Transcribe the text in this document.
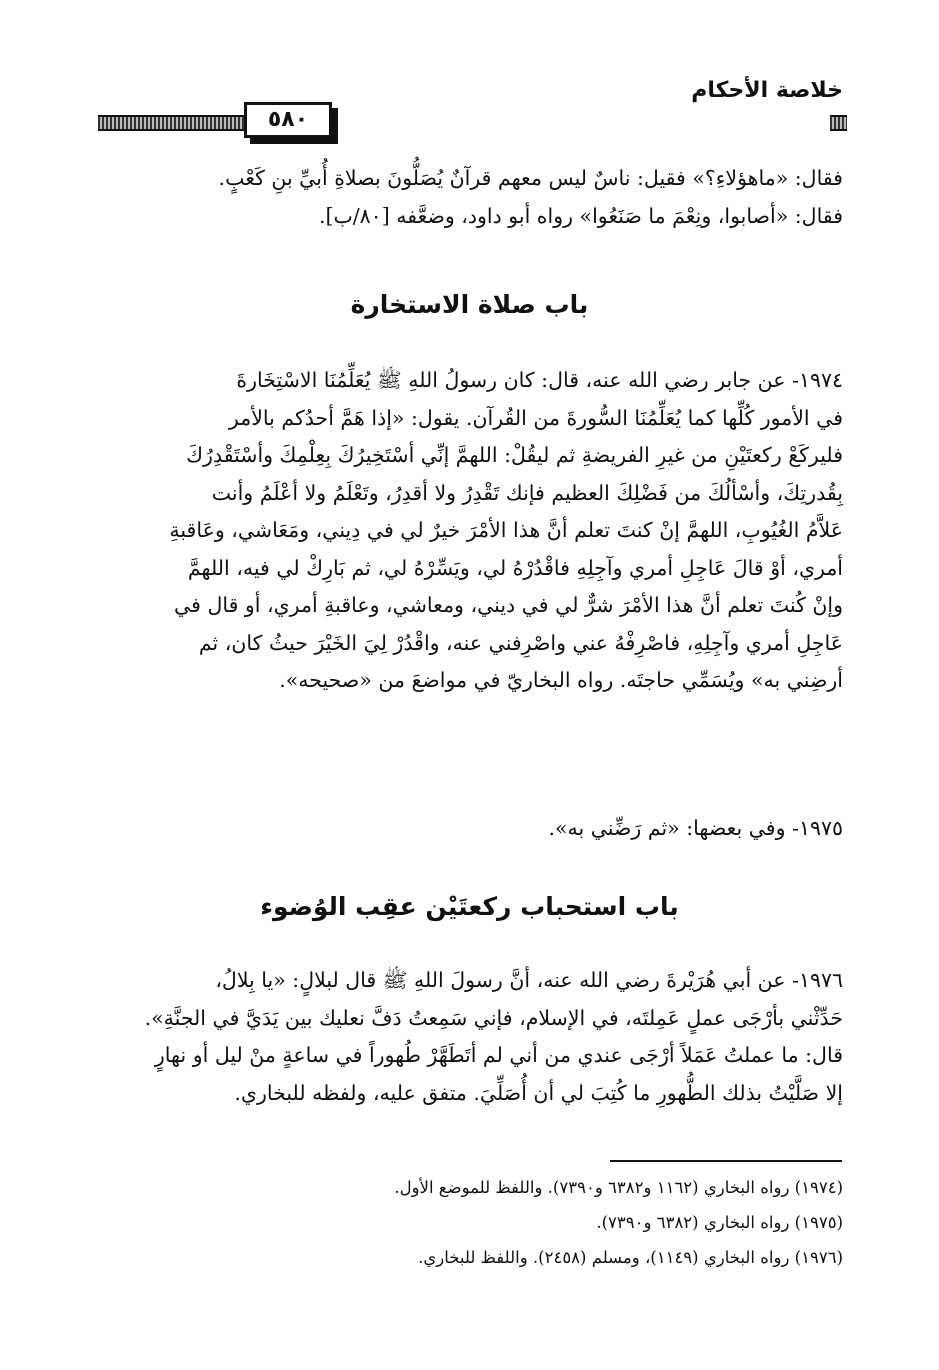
خلاصة الأحكام
٥٨٠

فقال: «ماهؤلاءِ؟» فقيل: ناسٌ ليس معهم قرآنٌ يُصَلُّونَ بصلاةِ أُبيِّ بنِ كَعْبٍ.

فقال: «أصابوا، ونِعْمَ ما صَنَعُوا» رواه أبو داود، وضعَّفه [٨٠/ب].

باب صلاة الاستخارة

١٩٧٤- عن جابر رضي الله عنه، قال: كان رسولُ اللهِ ﷺ يُعَلِّمُنَا الاسْتِخَارةَ

في الأمور كُلِّها كما يُعَلِّمُنَا السُّورةَ من القُرآن. يقول: «إذا هَمَّ أحدُكم بالأمر

فليركَعْ ركعتَيْنِ من غيرِ الفريضةِ ثم ليقُلْ: اللهمَّ إنِّي أسْتَخِيرُكَ بِعِلْمِكَ وأسْتَقْدِرُكَ

بِقُدرتِكَ، وأسْألُكَ من فَضْلِكَ العظيم فإنك تَقْدِرُ ولا أقدِرُ، وتَعْلَمُ ولا أعْلَمُ وأنت

عَلاَّمُ الغُيُوبِ، اللهمَّ إنْ كنتَ تعلم أنَّ هذا الأمْرَ خيرٌ لي في دِيني، ومَعَاشي، وعَاقبةِ

أمري، أوْ قالَ عَاجِلِ أمري وآجِلِهِ فاقْدُرْهُ لي، ويَسِّرْهُ لي، ثم بَارِكْ لي فيه، اللهمَّ

وإنْ كُنتَ تعلم أنَّ هذا الأمْرَ شرٌّ لي في ديني، ومعاشي، وعاقبةِ أمري، أو قال في

عَاجِلِ أمري وآجِلِهِ، فاصْرِفْهُ عني واصْرِفني عنه، واقْدُرْ لِيَ الخَيْرَ حيثُ كان، ثم

أرضِني به» ويُسَمِّي حاجتَه. رواه البخاريّ في مواضعَ من «صحيحه».

١٩٧٥- وفي بعضها: «ثم رَضِّني به».

باب استحباب ركعتَيْن عقِب الوُضوء

١٩٧٦- عن أبي هُرَيْرةَ رضي الله عنه، أنَّ رسولَ اللهِ ﷺ قال لبلالٍ: «يا بِلالُ،

حَدِّثْني بأرْجَى عملٍ عَمِلتَه، في الإسلام، فإني سَمِعتُ دَفَّ نعليك بين يَدَيَّ في الجنَّةِ».

قال: ما عملتُ عَمَلاً أرْجَى عندي من أني لم أتَطَهَّرْ طُهوراً في ساعةٍ منْ ليل أو نهارٍ

إلا صَلَّيْتُ بذلك الطُّهورِ ما كُتِبَ لي أن أُصَلِّيَ. متفق عليه، ولفظه للبخاري.

(١٩٧٤) رواه البخاري (١١٦٢ و٦٣٨٢ و٧٣٩٠). واللفظ للموضع الأول.

(١٩٧٥) رواه البخاري (٦٣٨٢ و٧٣٩٠).

(١٩٧٦) رواه البخاري (١١٤٩)، ومسلم (٢٤٥٨). واللفظ للبخاري.
